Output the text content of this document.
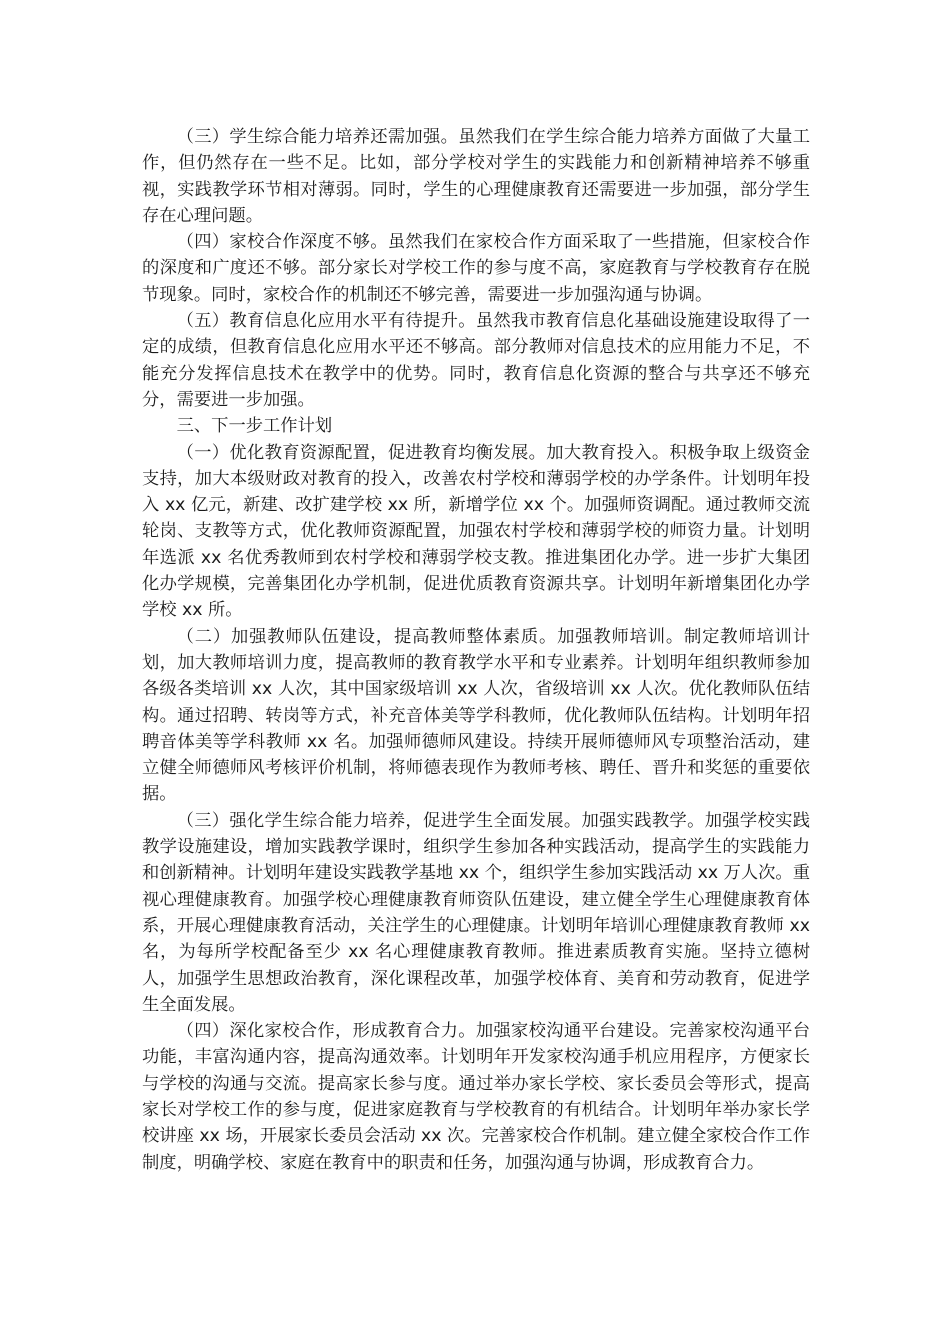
（三）学生综合能力培养还需加强。虽然我们在学生综合能力培养方面做了大量工作，但仍然存在一些不足。比如，部分学校对学生的实践能力和创新精神培养不够重视，实践教学环节相对薄弱。同时，学生的心理健康教育还需要进一步加强，部分学生存在心理问题。

（四）家校合作深度不够。虽然我们在家校合作方面采取了一些措施，但家校合作的深度和广度还不够。部分家长对学校工作的参与度不高，家庭教育与学校教育存在脱节现象。同时，家校合作的机制还不够完善，需要进一步加强沟通与协调。

（五）教育信息化应用水平有待提升。虽然我市教育信息化基础设施建设取得了一定的成绩，但教育信息化应用水平还不够高。部分教师对信息技术的应用能力不足，不能充分发挥信息技术在教学中的优势。同时，教育信息化资源的整合与共享还不够充分，需要进一步加强。

三、下一步工作计划

（一）优化教育资源配置，促进教育均衡发展。加大教育投入。积极争取上级资金支持，加大本级财政对教育的投入，改善农村学校和薄弱学校的办学条件。计划明年投入 xx 亿元，新建、改扩建学校 xx 所，新增学位 xx 个。加强师资调配。通过教师交流轮岗、支教等方式，优化教师资源配置，加强农村学校和薄弱学校的师资力量。计划明年选派 xx 名优秀教师到农村学校和薄弱学校支教。推进集团化办学。进一步扩大集团化办学规模，完善集团化办学机制，促进优质教育资源共享。计划明年新增集团化办学学校 xx 所。

（二）加强教师队伍建设，提高教师整体素质。加强教师培训。制定教师培训计划，加大教师培训力度，提高教师的教育教学水平和专业素养。计划明年组织教师参加各级各类培训 xx 人次，其中国家级培训 xx 人次，省级培训 xx 人次。优化教师队伍结构。通过招聘、转岗等方式，补充音体美等学科教师，优化教师队伍结构。计划明年招聘音体美等学科教师 xx 名。加强师德师风建设。持续开展师德师风专项整治活动，建立健全师德师风考核评价机制，将师德表现作为教师考核、聘任、晋升和奖惩的重要依据。

（三）强化学生综合能力培养，促进学生全面发展。加强实践教学。加强学校实践教学设施建设，增加实践教学课时，组织学生参加各种实践活动，提高学生的实践能力和创新精神。计划明年建设实践教学基地 xx 个，组织学生参加实践活动 xx 万人次。重视心理健康教育。加强学校心理健康教育师资队伍建设，建立健全学生心理健康教育体系，开展心理健康教育活动，关注学生的心理健康。计划明年培训心理健康教育教师 xx 名，为每所学校配备至少 xx 名心理健康教育教师。推进素质教育实施。坚持立德树人，加强学生思想政治教育，深化课程改革，加强学校体育、美育和劳动教育，促进学生全面发展。

（四）深化家校合作，形成教育合力。加强家校沟通平台建设。完善家校沟通平台功能，丰富沟通内容，提高沟通效率。计划明年开发家校沟通手机应用程序，方便家长与学校的沟通与交流。提高家长参与度。通过举办家长学校、家长委员会等形式，提高家长对学校工作的参与度，促进家庭教育与学校教育的有机结合。计划明年举办家长学校讲座 xx 场，开展家长委员会活动 xx 次。完善家校合作机制。建立健全家校合作工作制度，明确学校、家庭在教育中的职责和任务，加强沟通与协调，形成教育合力。
